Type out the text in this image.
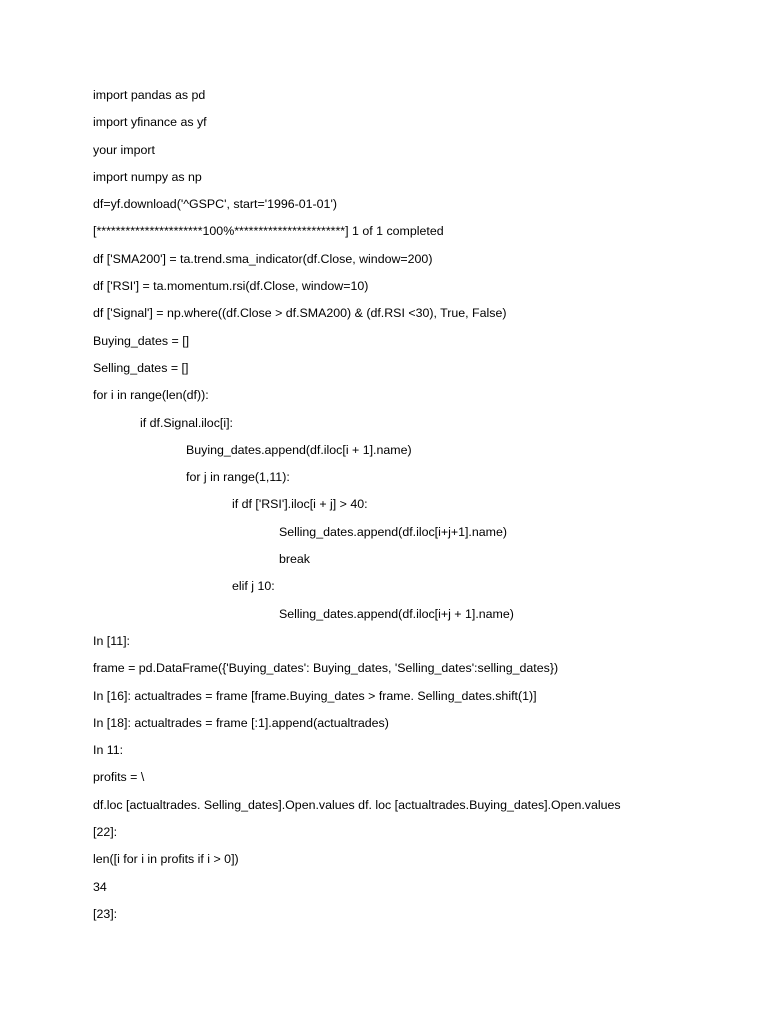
import pandas as pd
import yfinance as yf
your import
import numpy as np
df=yf.download('^GSPC', start='1996-01-01')
[**********************100%***********************] 1 of 1 completed
df ['SMA200'] = ta.trend.sma_indicator(df.Close, window=200)
df ['RSI'] = ta.momentum.rsi(df.Close, window=10)
df ['Signal'] = np.where((df.Close > df.SMA200) & (df.RSI <30), True, False)
Buying_dates = []
Selling_dates = []
for i in range(len(df)):
if df.Signal.iloc[i]:
Buying_dates.append(df.iloc[i + 1].name)
for j in range(1,11):
if df ['RSI'].iloc[i + j] > 40:
Selling_dates.append(df.iloc[i+j+1].name)
break
elif j 10:
Selling_dates.append(df.iloc[i+j + 1].name)
In [11]:
frame = pd.DataFrame({'Buying_dates': Buying_dates, 'Selling_dates':selling_dates})
In [16]: actualtrades = frame [frame.Buying_dates > frame. Selling_dates.shift(1)]
In [18]: actualtrades = frame [:1].append(actualtrades)
In 11:
profits = \
df.loc [actualtrades. Selling_dates].Open.values df. loc [actualtrades.Buying_dates].Open.values
[22]:
len([i for i in profits if i > 0])
34
[23]:
